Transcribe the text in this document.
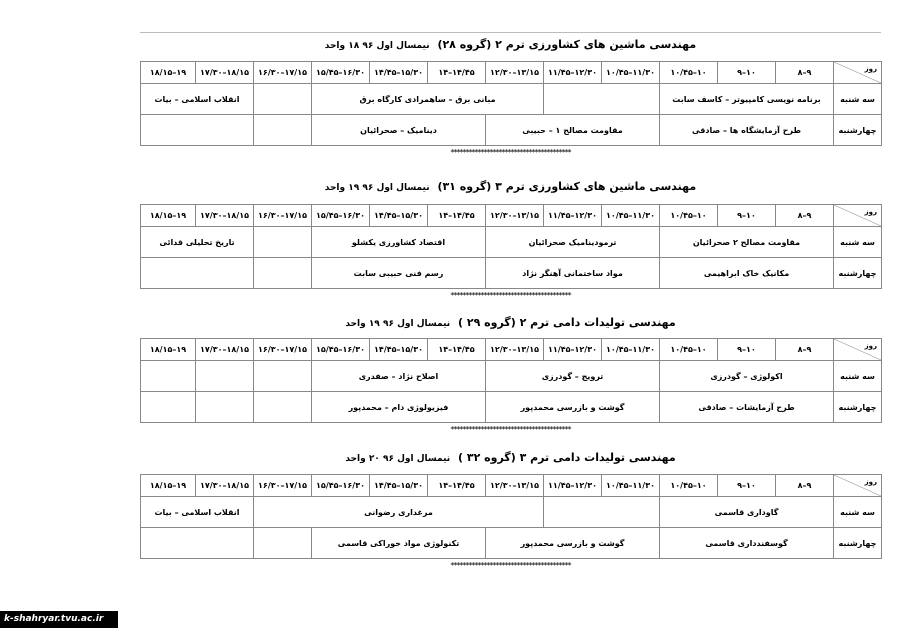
مهندسی ماشین های کشاورزی ترم ۲ (گروه ۲۸) نیمسال اول ۹۶ ۱۸ واحد
۱۸/۱۵–۱۹	۱۷/۳۰–۱۸/۱۵	۱۶/۳۰–۱۷/۱۵	۱۵/۴۵–۱۶/۳۰	۱۴/۴۵–۱۵/۳۰	۱۴–۱۴/۴۵	۱۲/۳۰–۱۳/۱۵	۱۱/۴۵–۱۲/۳۰	۱۰/۴۵–۱۱/۳۰	۱۰/۴۵–۱۰	۹–۱۰	۸–۹	روز

انقلاب اسلامی – بیات			مبانی برق – ساهمرادی کارگاه برق						برنامه نویسی کامپیوتر – کاسف سابت			سه شنبه
			دینامیک – صحرائیان			مقاومت مصالح ۱ – حبیبی			طرح آزمایشگاه ها – صادقی			چهارشنبه
****************************************
مهندسی ماشین های کشاورزی ترم ۳ (گروه ۳۱) نیمسال اول ۹۶ ۱۹ واحد
۱۸/۱۵–۱۹	۱۷/۳۰–۱۸/۱۵	۱۶/۳۰–۱۷/۱۵	۱۵/۴۵–۱۶/۳۰	۱۴/۴۵–۱۵/۳۰	۱۴–۱۴/۴۵	۱۲/۳۰–۱۳/۱۵	۱۱/۴۵–۱۲/۳۰	۱۰/۴۵–۱۱/۳۰	۱۰/۴۵–۱۰	۹–۱۰	۸–۹	روز

تاریخ تحلیلی قدائی			اقتصاد کشاورزی یکشلو			ترمودینامیک صحرائیان			مقاومت مصالح ۲ صحرائیان			سه شنبه
			رسم فنی حبیبی سابت			مواد ساختمانی آهنگر نژاد			مکانیک خاک ابراهیمی			چهارشنبه
****************************************
مهندسی تولیدات دامی ترم ۲ (گروه ۲۹ ) نیمسال اول ۹۶ ۱۹ واحد
۱۸/۱۵–۱۹	۱۷/۳۰–۱۸/۱۵	۱۶/۳۰–۱۷/۱۵	۱۵/۴۵–۱۶/۳۰	۱۴/۴۵–۱۵/۳۰	۱۴–۱۴/۴۵	۱۲/۳۰–۱۳/۱۵	۱۱/۴۵–۱۲/۳۰	۱۰/۴۵–۱۱/۳۰	۱۰/۴۵–۱۰	۹–۱۰	۸–۹	روز

			اصلاح نژاد – صفدری			ترویج – گودرزی			اکولوژی – گودرزی			سه شنبه
			فیزیولوژی دام – محمدپور			گوشت و بازرسی محمدپور			طرح آزمایشات – صادقی			چهارشنبه
****************************************
مهندسی تولیدات دامی ترم ۳ (گروه ۳۲ ) نیمسال اول ۹۶ ۲۰ واحد
۱۸/۱۵–۱۹	۱۷/۳۰–۱۸/۱۵	۱۶/۳۰–۱۷/۱۵	۱۵/۴۵–۱۶/۳۰	۱۴/۴۵–۱۵/۳۰	۱۴–۱۴/۴۵	۱۲/۳۰–۱۳/۱۵	۱۱/۴۵–۱۲/۳۰	۱۰/۴۵–۱۱/۳۰	۱۰/۴۵–۱۰	۹–۱۰	۸–۹	روز

انقلاب اسلامی – بیات		مرغداری رضوانی							گاوداری قاسمی			سه شنبه
			تکنولوژی مواد خوراکی قاسمی			گوشت و بازرسی محمدپور			گوسفندداری قاسمی			چهارشنبه
****************************************
k-shahryar.tvu.ac.ir
